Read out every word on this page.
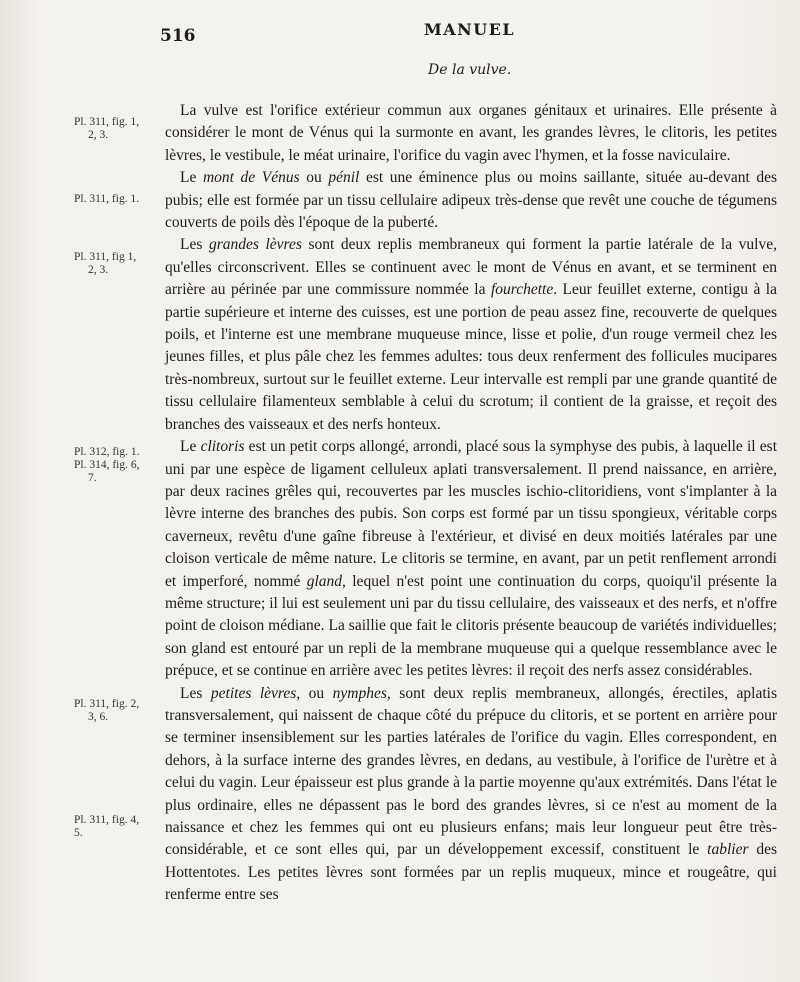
516	MANUEL
De la vulve.
Pl. 311, fig. 1,
2, 3.
Pl. 311, fig. 1.
Pl. 311, fig 1,
2, 3.
Pl. 312, fig. 1.
Pl. 314, fig. 6,
7.
Pl. 311, fig. 2,
3, 6.
Pl. 311, fig. 4,
5.

La vulve est l'orifice extérieur commun aux organes génitaux et urinaires. Elle présente à considérer le mont de Vénus qui la surmonte en avant, les grandes lèvres, le clitoris, les petites lèvres, le vestibule, le méat urinaire, l'orifice du vagin avec l'hymen, et la fosse naviculaire.

Le mont de Vénus ou pénil est une éminence plus ou moins saillante, située au-devant des pubis; elle est formée par un tissu cellulaire adipeux très-dense que revêt une couche de tégumens couverts de poils dès l'époque de la puberté.

Les grandes lèvres sont deux replis membraneux qui forment la partie latérale de la vulve, qu'elles circonscrivent. Elles se continuent avec le mont de Vénus en avant, et se terminent en arrière au périnée par une commissure nommée la fourchette. Leur feuillet externe, contigu à la partie supérieure et interne des cuisses, est une portion de peau assez fine, recouverte de quelques poils, et l'interne est une membrane muqueuse mince, lisse et polie, d'un rouge vermeil chez les jeunes filles, et plus pâle chez les femmes adultes: tous deux renferment des follicules mucipares très-nombreux, surtout sur le feuillet externe. Leur intervalle est rempli par une grande quantité de tissu cellulaire filamenteux semblable à celui du scrotum; il contient de la graisse, et reçoit des branches des vaisseaux et des nerfs honteux.

Le clitoris est un petit corps allongé, arrondi, placé sous la symphyse des pubis, à laquelle il est uni par une espèce de ligament celluleux aplati transversalement. Il prend naissance, en arrière, par deux racines grêles qui, recouvertes par les muscles ischio-clitoridiens, vont s'implanter à la lèvre interne des branches des pubis. Son corps est formé par un tissu spongieux, véritable corps caverneux, revêtu d'une gaîne fibreuse à l'extérieur, et divisé en deux moitiés latérales par une cloison verticale de même nature. Le clitoris se termine, en avant, par un petit renflement arrondi et imperforé, nommé gland, lequel n'est point une continuation du corps, quoiqu'il présente la même structure; il lui est seulement uni par du tissu cellulaire, des vaisseaux et des nerfs, et n'offre point de cloison médiane. La saillie que fait le clitoris présente beaucoup de variétés individuelles; son gland est entouré par un repli de la membrane muqueuse qui a quelque ressemblance avec le prépuce, et se continue en arrière avec les petites lèvres: il reçoit des nerfs assez considérables.

Les petites lèvres, ou nymphes, sont deux replis membraneux, allongés, érectiles, aplatis transversalement, qui naissent de chaque côté du prépuce du clitoris, et se portent en arrière pour se terminer insensiblement sur les parties latérales de l'orifice du vagin. Elles correspondent, en dehors, à la surface interne des grandes lèvres, en dedans, au vestibule, à l'orifice de l'urètre et à celui du vagin. Leur épaisseur est plus grande à la partie moyenne qu'aux extrémités. Dans l'état le plus ordinaire, elles ne dépassent pas le bord des grandes lèvres, si ce n'est au moment de la naissance et chez les femmes qui ont eu plusieurs enfans; mais leur longueur peut être très-considérable, et ce sont elles qui, par un développement excessif, constituent le tablier des Hottentotes. Les petites lèvres sont formées par un replis muqueux, mince et rougeâtre, qui renferme entre ses
